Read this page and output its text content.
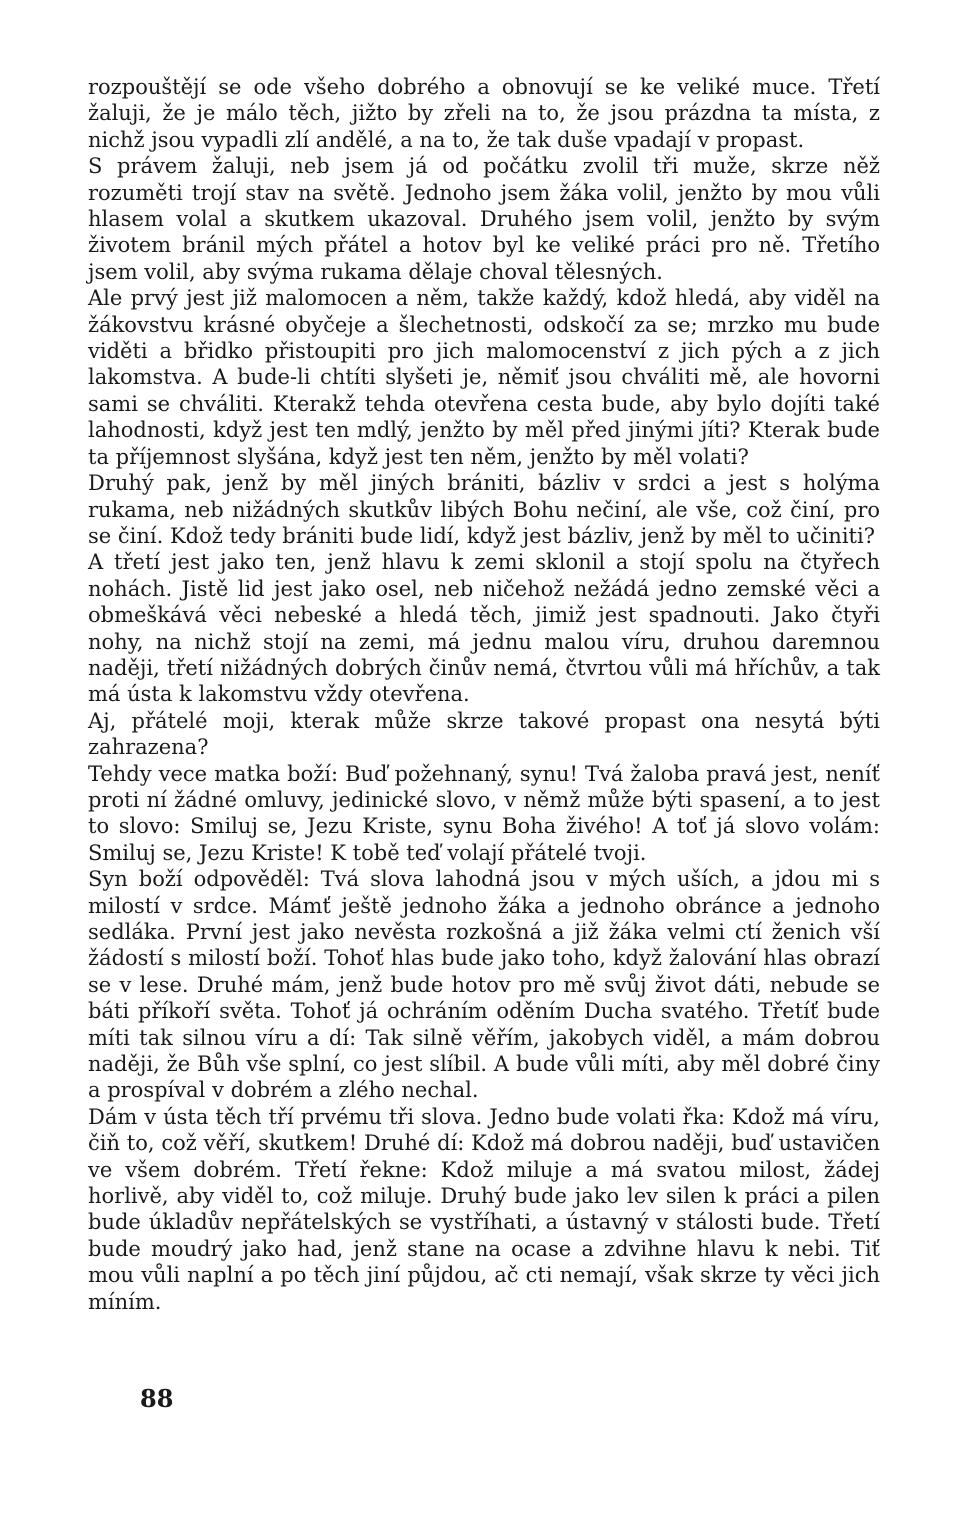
rozpouštějí se ode všeho dobrého a obnovují se ke veliké muce. Třetí žaluji, že je málo těch, jižto by zřeli na to, že jsou prázdna ta místa, z nichž jsou vypadli zlí andělé, a na to, že tak duše vpadají v propast.

S právem žaluji, neb jsem já od počátku zvolil tři muže, skrze něž rozuměti trojí stav na světě. Jednoho jsem žáka volil, jenžto by mou vůli hlasem volal a skutkem ukazoval. Druhého jsem volil, jenžto by svým životem bránil mých přátel a hotov byl ke veliké práci pro ně. Třetího jsem volil, aby svýma rukama dělaje choval tělesných.

Ale prvý jest již malomocen a něm, takže každý, kdož hledá, aby viděl na žákovstvu krásné obyčeje a šlechetnosti, odskočí za se; mrzko mu bude viděti a břidko přistoupiti pro jich malomocenství z jich pých a z jich lakomstva. A bude-li chtíti slyšeti je, němiť jsou chváliti mě, ale hovorni sami se chváliti. Kterakž tehda otevřena cesta bude, aby bylo dojíti také lahodnosti, když jest ten mdlý, jenžto by měl před jinými jíti? Kterak bude ta příjemnost slyšána, když jest ten něm, jenžto by měl volati?

Druhý pak, jenž by měl jiných brániti, bázliv v srdci a jest s holýma rukama, neb nižádných skutkův libých Bohu nečiní, ale vše, což činí, pro se činí. Kdož tedy brániti bude lidí, když jest bázliv, jenž by měl to učiniti?

A třetí jest jako ten, jenž hlavu k zemi sklonil a stojí spolu na čtyřech nohách. Jistě lid jest jako osel, neb ničehož nežádá jedno zemské věci a obmeškává věci nebeské a hledá těch, jimiž jest spadnouti. Jako čtyři nohy, na nichž stojí na zemi, má jednu malou víru, druhou daremnou naději, třetí nižádných dobrých činův nemá, čtvrtou vůli má hříchův, a tak má ústa k lakomstvu vždy otevřena.

Aj, přátelé moji, kterak může skrze takové propast ona nesytá býti zahrazena?

Tehdy vece matka boží: Buď požehnaný, synu! Tvá žaloba pravá jest, neníť proti ní žádné omluvy, jedinické slovo, v němž může býti spasení, a to jest to slovo: Smiluj se, Jezu Kriste, synu Boha živého! A toť já slovo volám: Smiluj se, Jezu Kriste! K tobě teď volají přátelé tvoji.

Syn boží odpověděl: Tvá slova lahodná jsou v mých uších, a jdou mi s milostí v srdce. Mámť ještě jednoho žáka a jednoho obránce a jednoho sedláka. První jest jako nevěsta rozkošná a již žáka velmi ctí ženich vší žádostí s milostí boží. Tohoť hlas bude jako toho, když žalování hlas obrazí se v lese. Druhé mám, jenž bude hotov pro mě svůj život dáti, nebude se báti příkoří světa. Tohoť já ochráním oděním Ducha svatého. Třetíť bude míti tak silnou víru a dí: Tak silně věřím, jakobych viděl, a mám dobrou naději, že Bůh vše splní, co jest slíbil. A bude vůli míti, aby měl dobré činy a prospíval v dobrém a zlého nechal.

Dám v ústa těch tří prvému tři slova. Jedno bude volati řka: Kdož má víru, čiň to, což věří, skutkem! Druhé dí: Kdož má dobrou naději, buď ustavičen ve všem dobrém. Třetí řekne: Kdož miluje a má svatou milost, žádej horlivě, aby viděl to, což miluje. Druhý bude jako lev silen k práci a pilen bude úkladův nepřátelských se vystříhati, a ústavný v stálosti bude. Třetí bude moudrý jako had, jenž stane na ocase a zdvihne hlavu k nebi. Tiť mou vůli naplní a po těch jiní půjdou, ač cti nemají, však skrze ty věci jich míním.

88
